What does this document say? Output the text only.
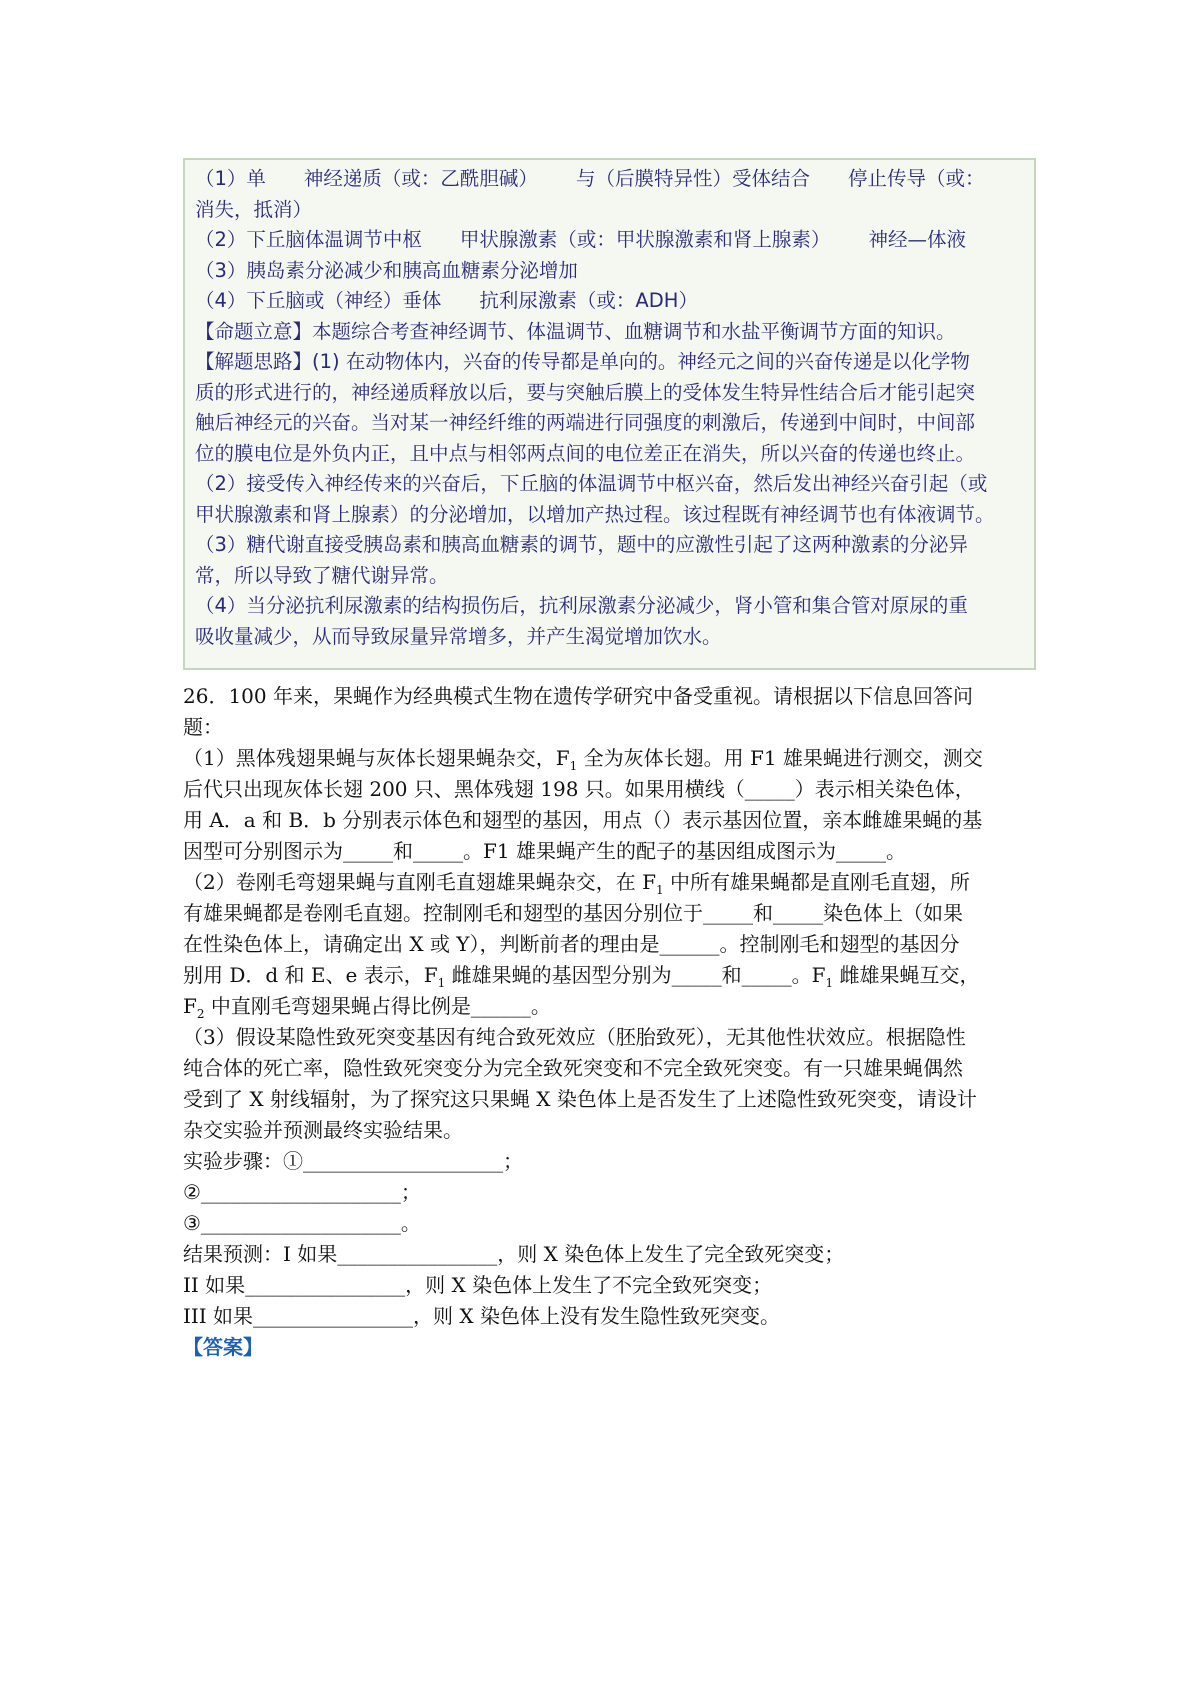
（1）单 神经递质（或：乙酰胆碱） 与（后膜特异性）受体结合 停止传导（或：
消失，抵消）
（2）下丘脑体温调节中枢 甲状腺激素（或：甲状腺激素和肾上腺素） 神经—体液
（3）胰岛素分泌减少和胰高血糖素分泌增加
（4）下丘脑或（神经）垂体 抗利尿激素（或：ADH）
【命题立意】本题综合考查神经调节、体温调节、血糖调节和水盐平衡调节方面的知识。
【解题思路】(1) 在动物体内，兴奋的传导都是单向的。神经元之间的兴奋传递是以化学物
质的形式进行的，神经递质释放以后，要与突触后膜上的受体发生特异性结合后才能引起突
触后神经元的兴奋。当对某一神经纤维的两端进行同强度的刺激后，传递到中间时，中间部
位的膜电位是外负内正，且中点与相邻两点间的电位差正在消失，所以兴奋的传递也终止。
（2）接受传入神经传来的兴奋后，下丘脑的体温调节中枢兴奋，然后发出神经兴奋引起（或
甲状腺激素和肾上腺素）的分泌增加，以增加产热过程。该过程既有神经调节也有体液调节。
（3）糖代谢直接受胰岛素和胰高血糖素的调节，题中的应激性引起了这两种激素的分泌异
常，所以导致了糖代谢异常。
（4）当分泌抗利尿激素的结构损伤后，抗利尿激素分泌减少，肾小管和集合管对原尿的重
吸收量减少，从而导致尿量异常增多，并产生渴觉增加饮水。

26．100 年来，果蝇作为经典模式生物在遗传学研究中备受重视。请根据以下信息回答问

题：

（1）黑体残翅果蝇与灰体长翅果蝇杂交，$F_1$ 全为灰体长翅。用 F1 雄果蝇进行测交，测交

后代只出现灰体长翅 200 只、黑体残翅 198 只。如果用横线（_____）表示相关染色体，

用 A．a 和 B．b 分别表示体色和翅型的基因，用点（）表示基因位置，亲本雌雄果蝇的基

因型可分别图示为_____和_____。F1 雄果蝇产生的配子的基因组成图示为_____。

（2）卷刚毛弯翅果蝇与直刚毛直翅雄果蝇杂交，在 $F_1$ 中所有雄果蝇都是直刚毛直翅，所

有雄果蝇都是卷刚毛直翅。控制刚毛和翅型的基因分别位于_____和_____染色体上（如果

在性染色体上，请确定出 X 或 Y），判断前者的理由是______。控制刚毛和翅型的基因分

别用 D．d 和 E、e 表示，$F_1$ 雌雄果蝇的基因型分别为_____和_____。$F_1$ 雌雄果蝇互交，

$F_2$ 中直刚毛弯翅果蝇占得比例是______。

（3）假设某隐性致死突变基因有纯合致死效应（胚胎致死），无其他性状效应。根据隐性

纯合体的死亡率，隐性致死突变分为完全致死突变和不完全致死突变。有一只雄果蝇偶然

受到了 X 射线辐射，为了探究这只果蝇 X 染色体上是否发生了上述隐性致死突变，请设计

杂交实验并预测最终实验结果。

实验步骤：①____________________；

②____________________；

③____________________。

结果预测：I 如果________________，则 X 染色体上发生了完全致死突变；

II 如果________________，则 X 染色体上发生了不完全致死突变；

III 如果________________，则 X 染色体上没有发生隐性致死突变。

【答案】
